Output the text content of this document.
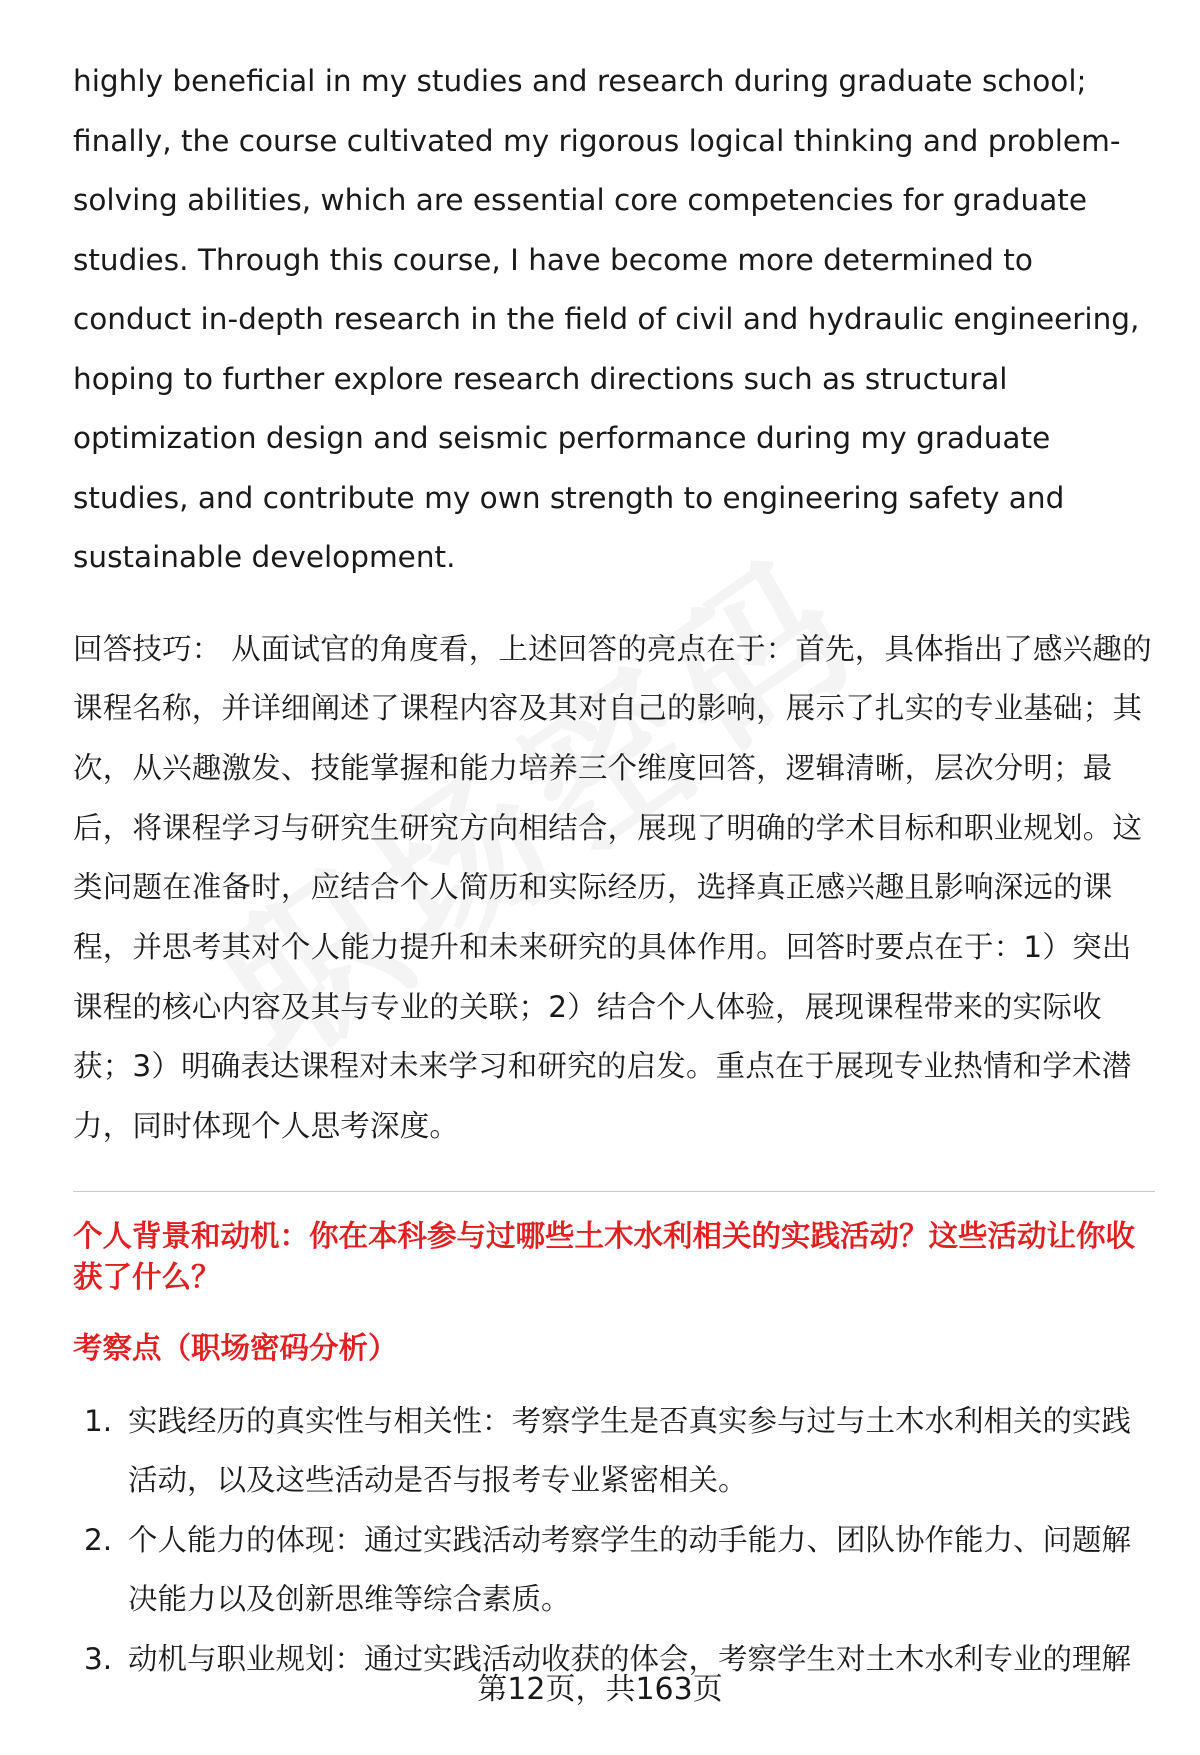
highly beneficial in my studies and research during graduate school; finally, the course cultivated my rigorous logical thinking and problem-solving abilities, which are essential core competencies for graduate studies. Through this course, I have become more determined to conduct in-depth research in the field of civil and hydraulic engineering, hoping to further explore research directions such as structural optimization design and seismic performance during my graduate studies, and contribute my own strength to engineering safety and sustainable development.

回答技巧： 从面试官的角度看，上述回答的亮点在于：首先，具体指出了感兴趣的课程名称，并详细阐述了课程内容及其对自己的影响，展示了扎实的专业基础；其次，从兴趣激发、技能掌握和能力培养三个维度回答，逻辑清晰，层次分明；最后，将课程学习与研究生研究方向相结合，展现了明确的学术目标和职业规划。这类问题在准备时，应结合个人简历和实际经历，选择真正感兴趣且影响深远的课程，并思考其对个人能力提升和未来研究的具体作用。回答时要点在于：1）突出课程的核心内容及其与专业的关联；2）结合个人体验，展现课程带来的实际收获；3）明确表达课程对未来学习和研究的启发。重点在于展现专业热情和学术潜力，同时体现个人思考深度。

个人背景和动机：你在本科参与过哪些土木水利相关的实践活动？这些活动让你收获了什么？
考察点（职场密码分析）
1. 实践经历的真实性与相关性：考察学生是否真实参与过与土木水利相关的实践活动，以及这些活动是否与报考专业紧密相关。
2. 个人能力的体现：通过实践活动考察学生的动手能力、团队协作能力、问题解决能力以及创新思维等综合素质。
3. 动机与职业规划：通过实践活动收获的体会，考察学生对土木水利专业的理解
第12页，共163页
